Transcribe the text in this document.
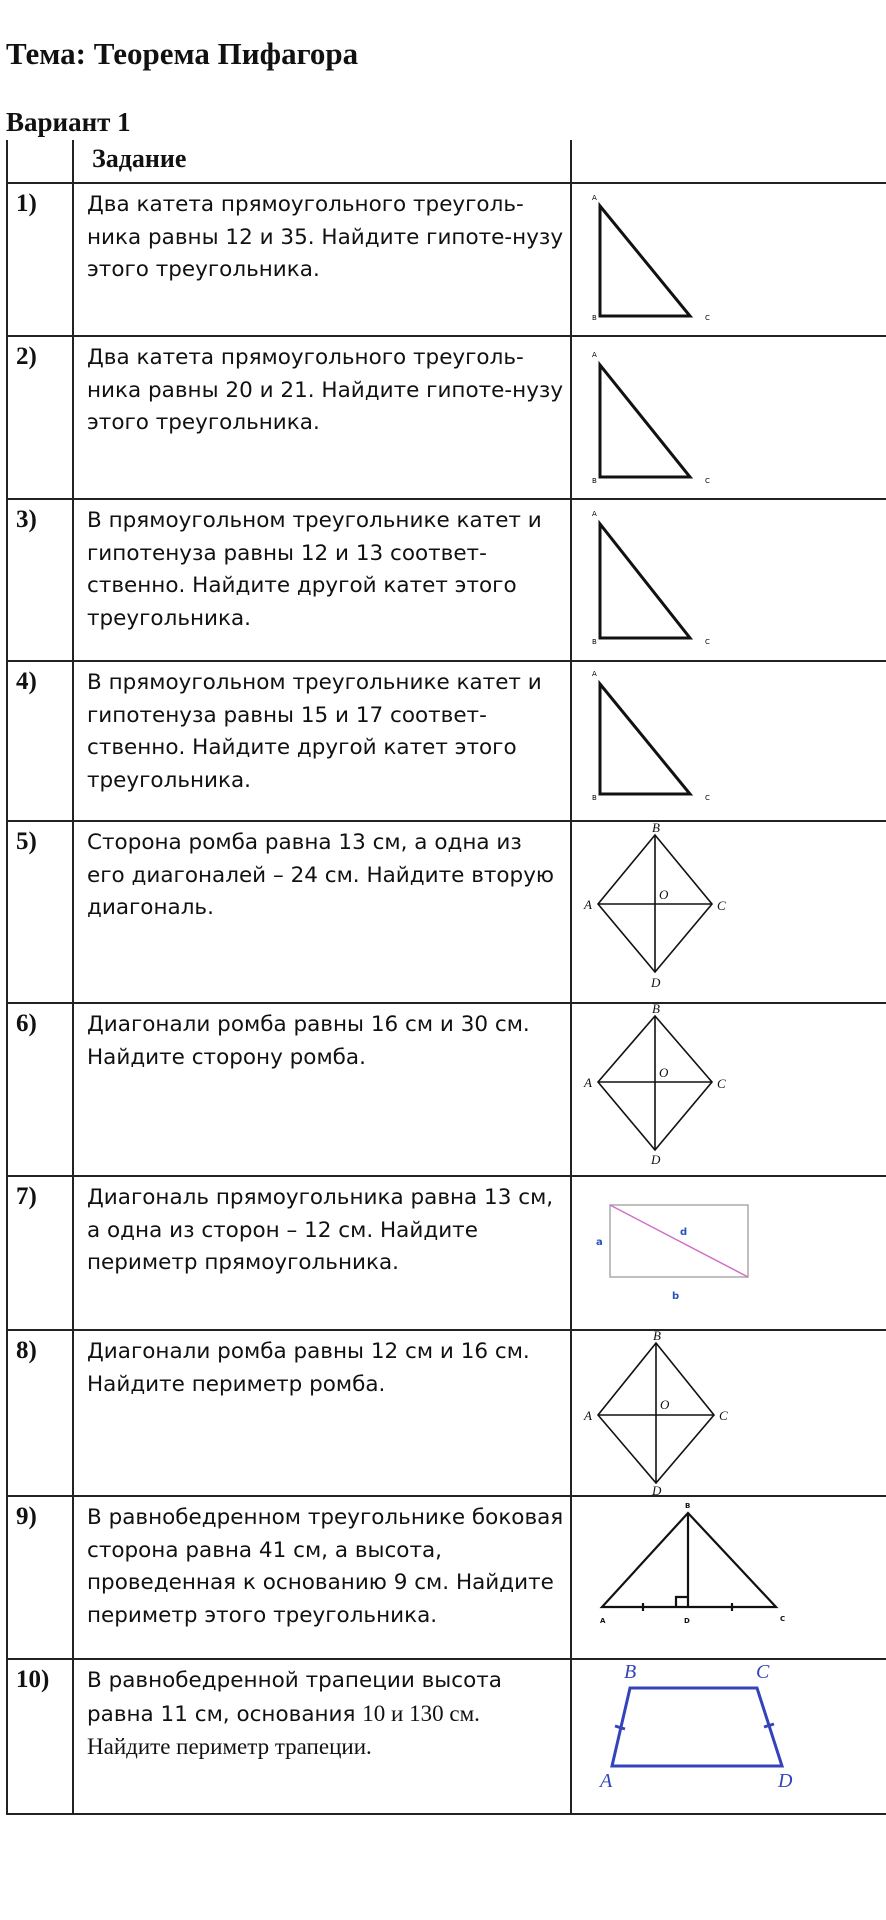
Тема: Теорема Пифагора
Вариант 1
	Задание	
1)	Два катета прямоугольного треуголь-ника равны 12 и 35. Найдите гипоте-нузу этого треугольника.	A
B C

2)	Два катета прямоугольного треуголь-ника равны 20 и 21. Найдите гипоте-нузу этого треугольника.	A
B C

3)	В прямоугольном треугольнике катет и гипотенуза равны 12 и 13 соответ-ственно. Найдите другой катет этого треугольника.	A
B C

4)	В прямоугольном треугольнике катет и гипотенуза равны 15 и 17 соответ-ственно. Найдите другой катет этого треугольника.	A
B C

5)	Сторона ромба равна 13 см, а одна из его диагоналей – 24 см. Найдите вторую диагональ.	B
A C
D
O

6)	Диагонали ромба равны 16 см и 30 см. Найдите сторону ромба.	B
A C
D
O

7)	Диагональ прямоугольника равна 13 см, а одна из сторон – 12 см. Найдите периметр прямоугольника.	a
b
d

8)	Диагонали ромба равны 12 см и 16 см. Найдите периметр ромба.	B
A C
D
O

9)	В равнобедренном треугольнике боковая сторона равна 41 см, а высота, проведенная к основанию 9 см. Найдите периметр этого треугольника.	B
A D C

10)	В равнобедренной трапеции высота равна 11 см, основания 10 и 130 см. Найдите периметр трапеции.	B C
A D
